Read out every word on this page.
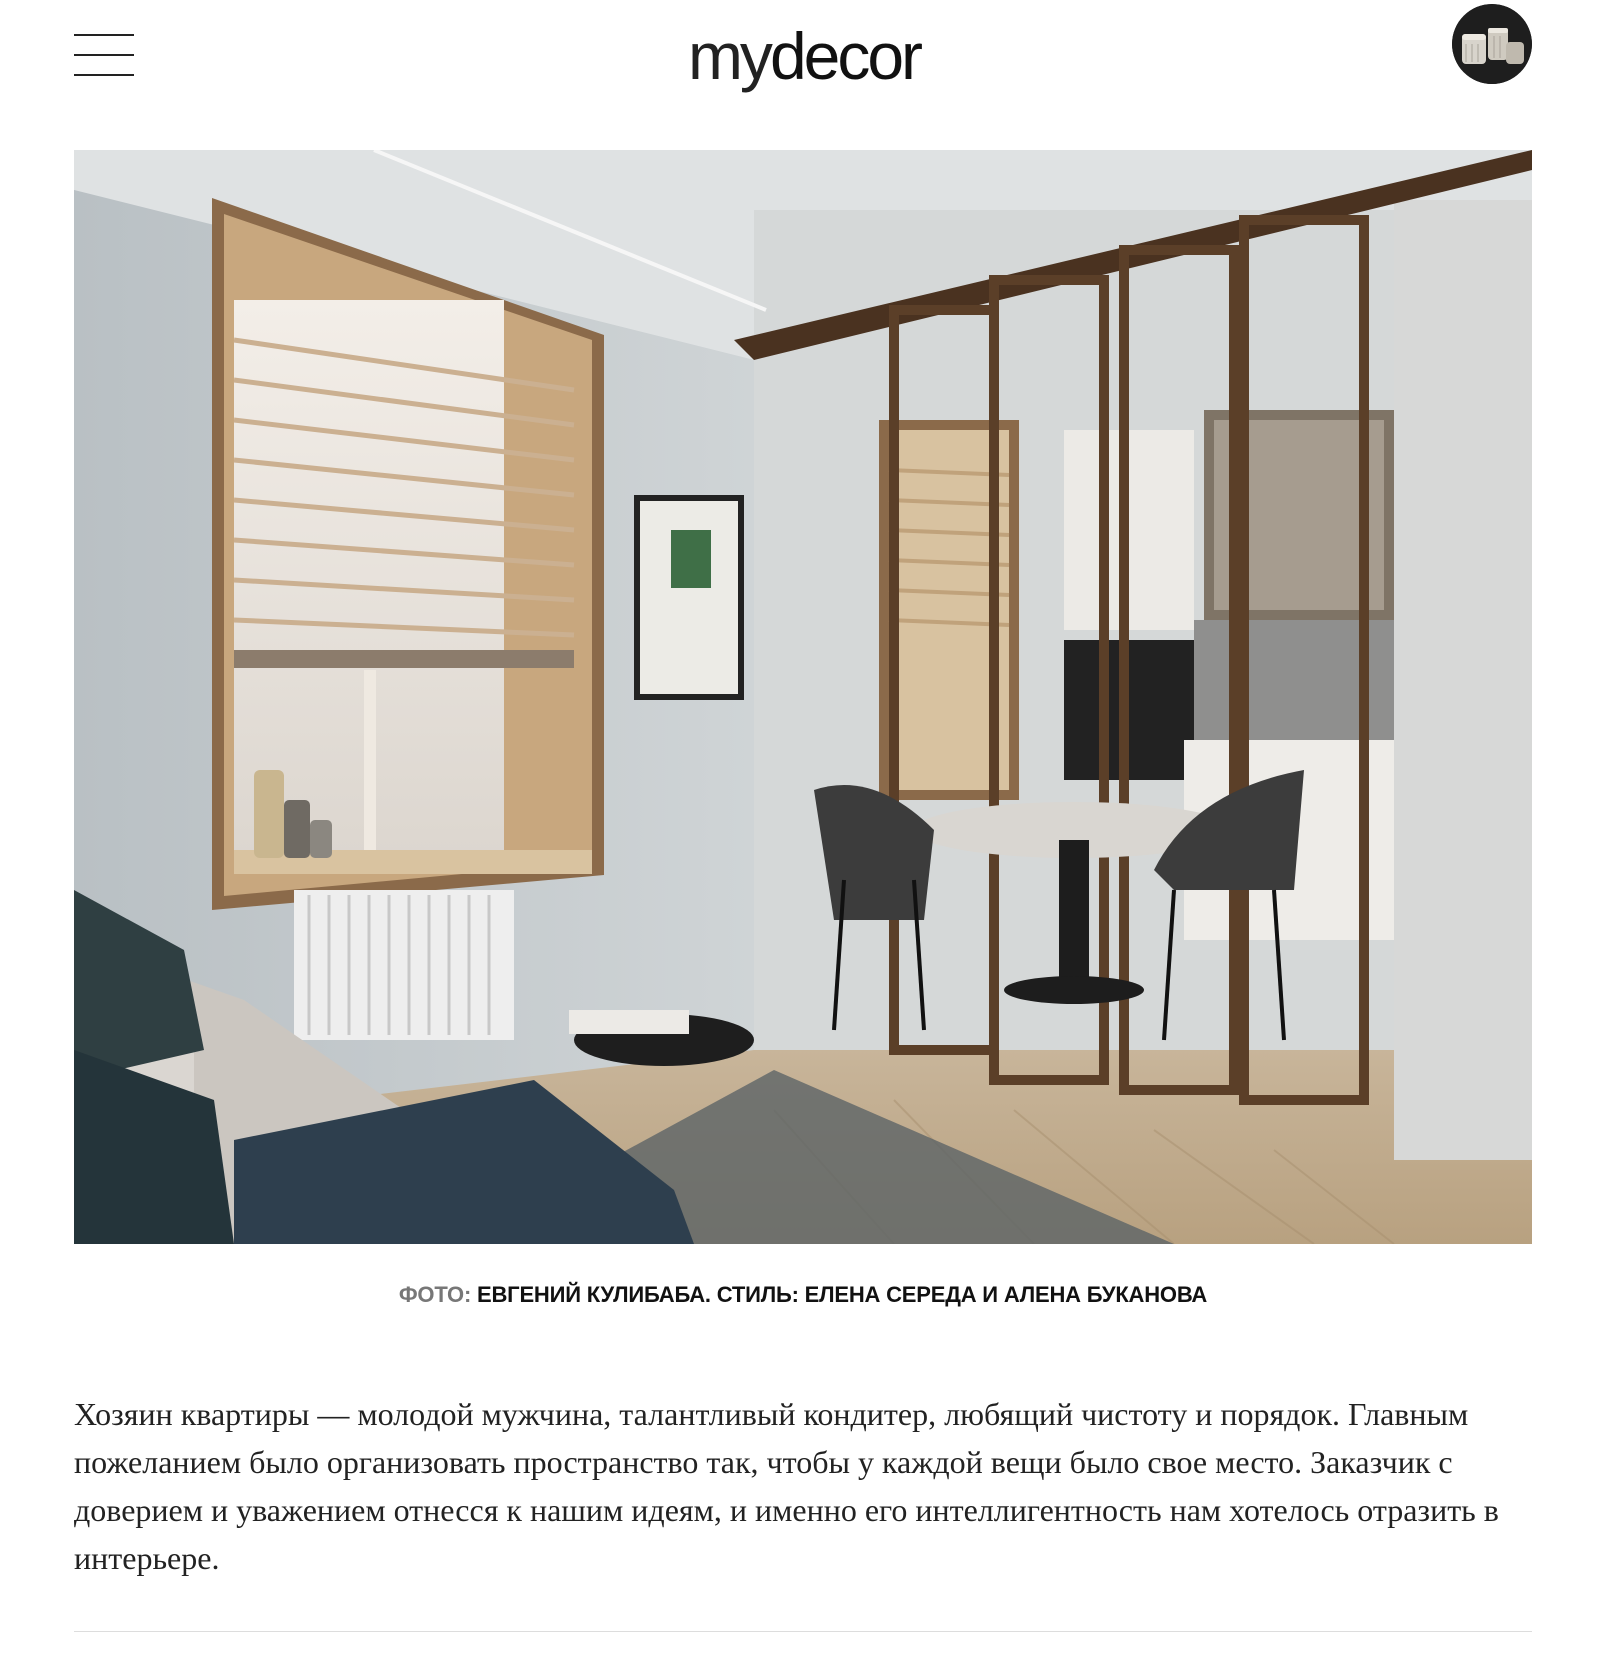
mydecor
ФОТО: ЕВГЕНИЙ КУЛИБАБА. СТИЛЬ: ЕЛЕНА СЕРЕДА И АЛЕНА БУКАНОВА
Хозяин квартиры — молодой мужчина, талантливый кондитер, любящий чистоту и порядок. Главным пожеланием было организовать пространство так, чтобы у каждой вещи было свое место. Заказчик с доверием и уважением отнесся к нашим идеям, и именно его интеллигентность нам хотелось отразить в интерьере.
